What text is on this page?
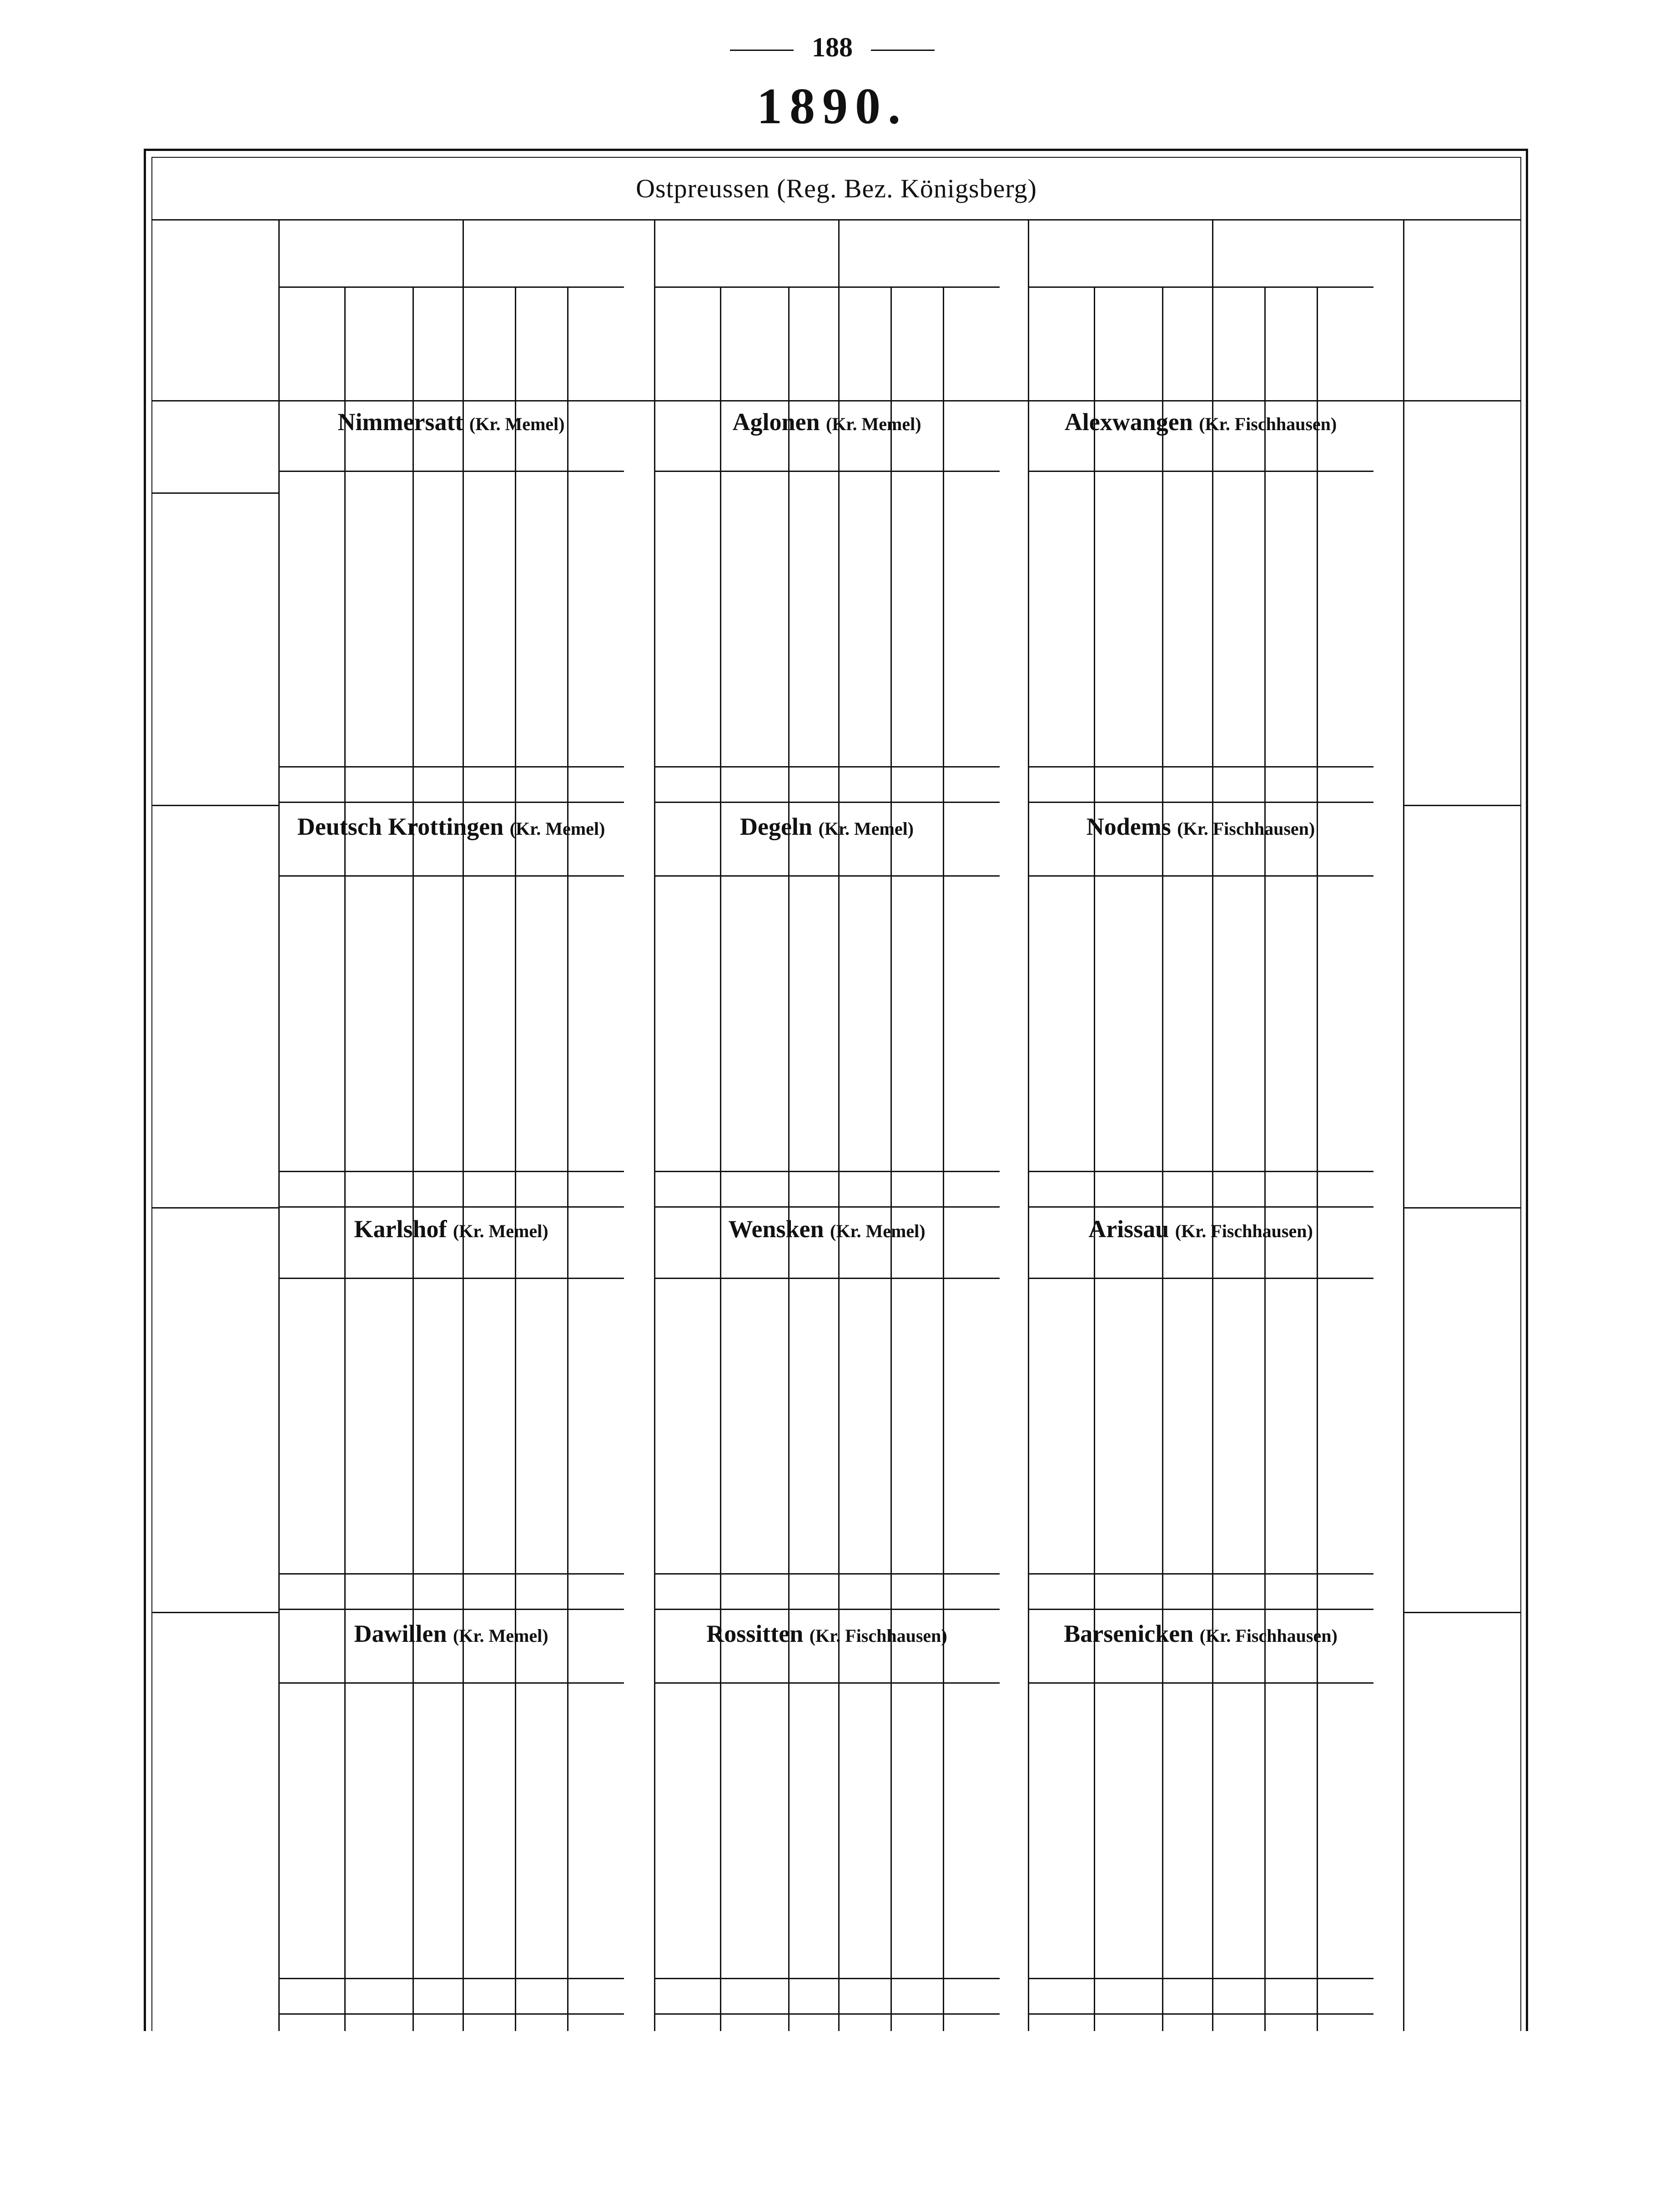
188
1890.
Ostpreussen (Reg. Bez. Königsberg)
Nimmersatt (Kr. Memel)	Aglonen (Kr. Memel)	Alexwangen (Kr. Fischhausen)
Deutsch Krottingen (Kr. Memel)	Degeln (Kr. Memel)	Nodems (Kr. Fischhausen)
Karlshof (Kr. Memel)	Wensken (Kr. Memel)	Arissau (Kr. Fischhausen)
Dawillen (Kr. Memel)	Rossitten (Kr. Fischhausen)	Barsenicken (Kr. Fischhausen)
